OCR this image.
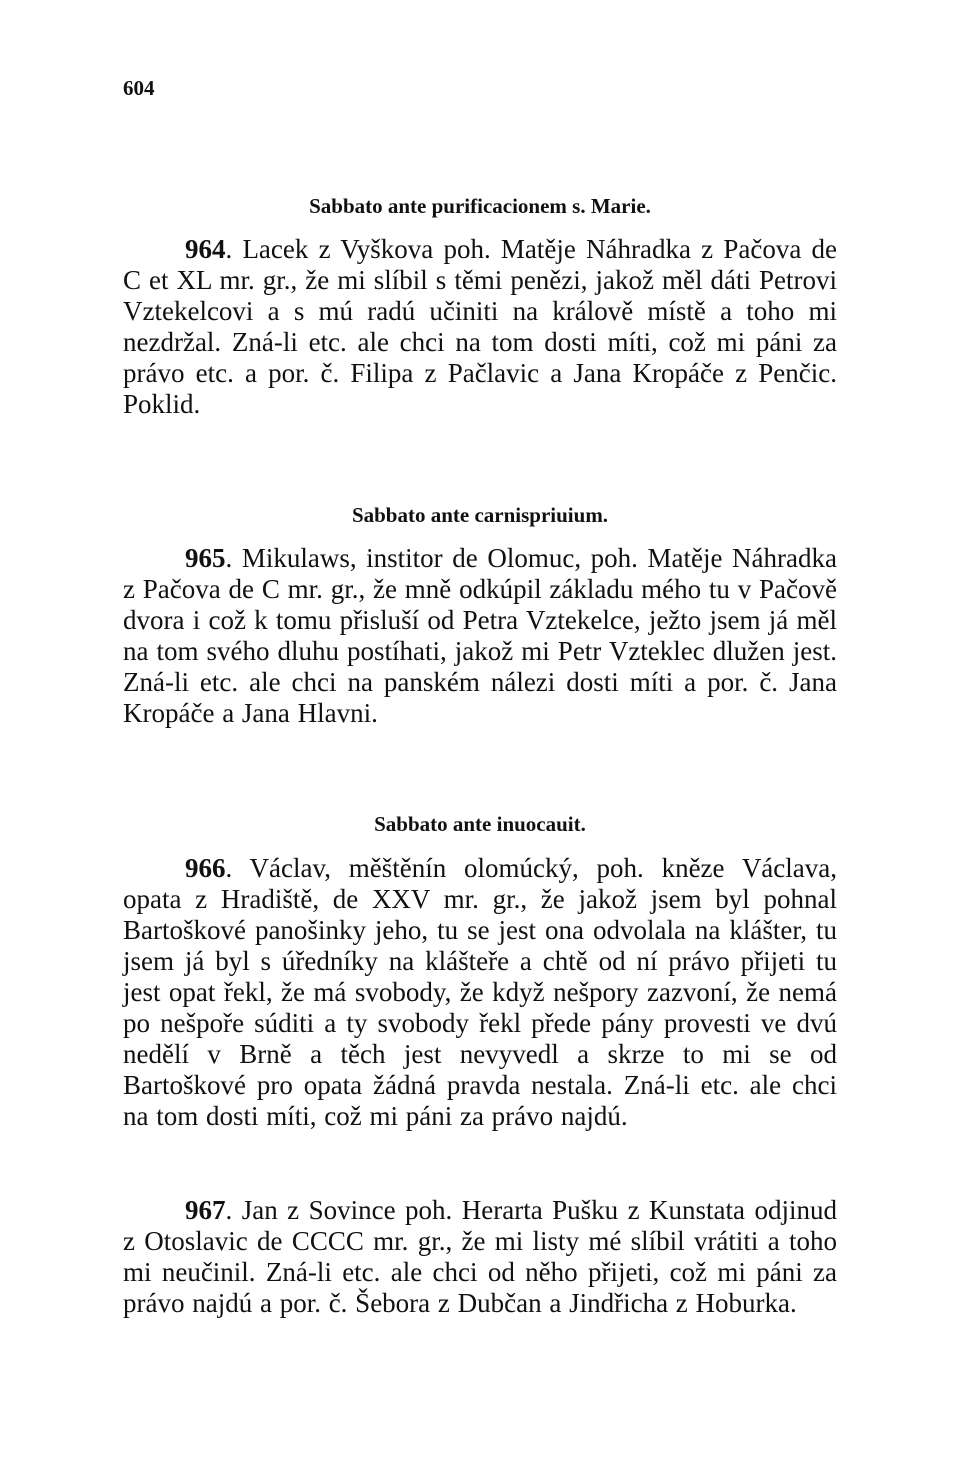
604
Sabbato ante purificacionem s. Marie.

964. Lacek z Vyškova poh. Matěje Náhradka z Pačova de C et XL mr. gr., že mi slíbil s těmi penězi, jakož měl dáti Petrovi Vztekelcovi a s mú radú učiniti na králově místě a toho mi nezdržal. Zná-li etc. ale chci na tom dosti míti, což mi páni za právo etc. a por. č. Filipa z Pačlavic a Jana Kropáče z Penčic. Poklid.

Sabbato ante carnispriuium.

965. Mikulaws, institor de Olomuc, poh. Matěje Náhradka z Pačova de C mr. gr., že mně odkúpil základu mého tu v Pačově dvora i což k tomu přisluší od Petra Vztekelce, ježto jsem já měl na tom svého dluhu postíhati, jakož mi Petr Vzteklec dlužen jest. Zná-li etc. ale chci na panském nálezi dosti míti a por. č. Jana Kropáče a Jana Hlavni.

Sabbato ante inuocauit.

966. Václav, měštěnín olomúcký, poh. kněze Václava, opata z Hradiště, de XXV mr. gr., že jakož jsem byl pohnal Bartoškové panošinky jeho, tu se jest ona odvolala na klášter, tu jsem já byl s úředníky na klášteře a chtě od ní právo přijeti tu jest opat řekl, že má svobody, že když nešpory zazvoní, že nemá po nešpoře súditi a ty svobody řekl přede pány provesti ve dvú nedělí v Brně a těch jest nevyvedl a skrze to mi se od Bartoškové pro opata žádná pravda nestala. Zná-li etc. ale chci na tom dosti míti, což mi páni za právo najdú.

967. Jan z Sovince poh. Herarta Pušku z Kunstata odjinud z Otoslavic de CCCC mr. gr., že mi listy mé slíbil vrátiti a toho mi neučinil. Zná-li etc. ale chci od něho přijeti, což mi páni za právo najdú a por. č. Šebora z Dubčan a Jindřicha z Hoburka.
